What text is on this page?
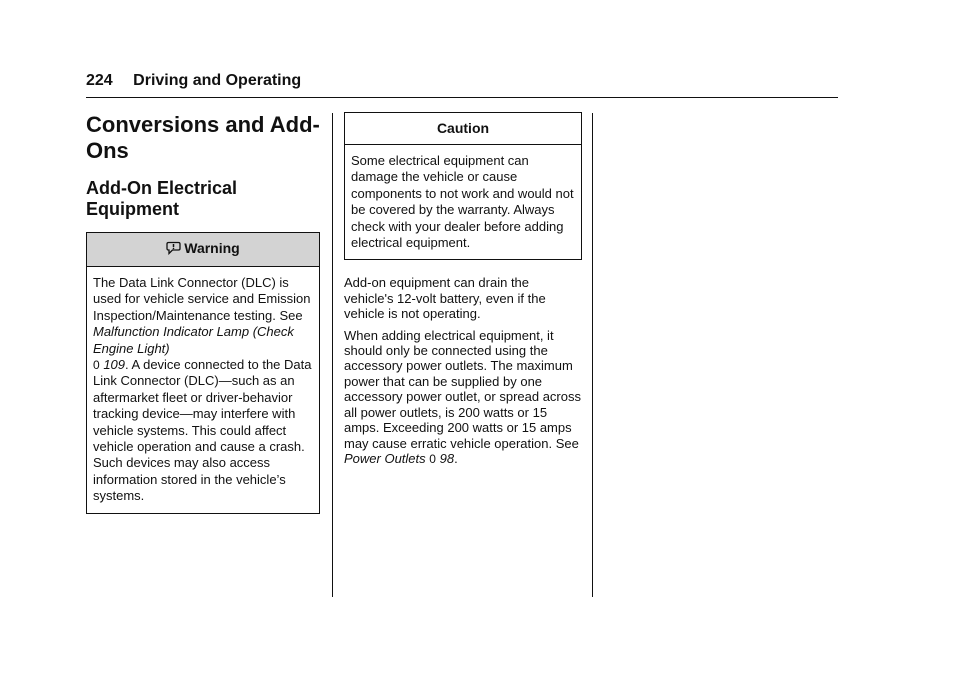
224 Driving and Operating
Conversions and Add-Ons
Add-On Electrical Equipment
Warning
The Data Link Connector (DLC) is used for vehicle service and Emission Inspection/Maintenance testing. See Malfunction Indicator Lamp (Check Engine Light)
0 109. A device connected to the Data Link Connector (DLC)—such as an aftermarket fleet or driver-behavior tracking device—may interfere with vehicle systems. This could affect vehicle operation and cause a crash. Such devices may also access information stored in the vehicle’s systems.
Caution
Some electrical equipment can damage the vehicle or cause components to not work and would not be covered by the warranty. Always check with your dealer before adding electrical equipment.

Add-on equipment can drain the vehicle's 12-volt battery, even if the vehicle is not operating.

When adding electrical equipment, it should only be connected using the accessory power outlets. The maximum power that can be supplied by one accessory power outlet, or spread across all power outlets, is 200 watts or 15 amps. Exceeding 200 watts or 15 amps may cause erratic vehicle operation. See Power Outlets 0 98.
